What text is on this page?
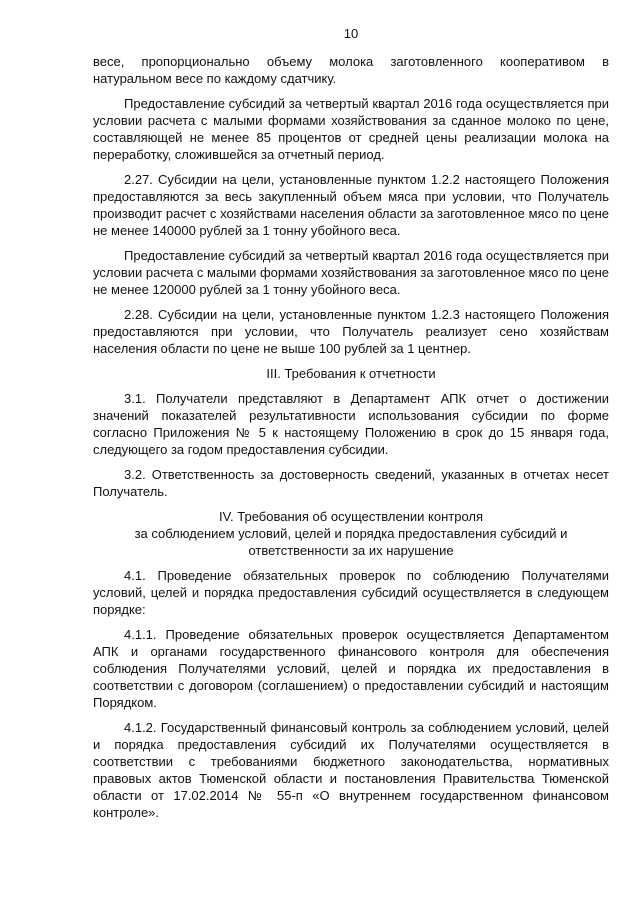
10

весе, пропорционально объему молока заготовленного кооперативом в натуральном весе по каждому сдатчику.

Предоставление субсидий за четвертый квартал 2016 года осуществляется при условии расчета с малыми формами хозяйствования за сданное молоко по цене, составляющей не менее 85 процентов от средней цены реализации молока на переработку, сложившейся за отчетный период.

2.27. Субсидии на цели, установленные пунктом 1.2.2 настоящего Положения предоставляются за весь закупленный объем мяса при условии, что Получатель производит расчет с хозяйствами населения области за заготовленное мясо по цене не менее 140000 рублей за 1 тонну убойного веса.

Предоставление субсидий за четвертый квартал 2016 года осуществляется при условии расчета с малыми формами хозяйствования за заготовленное мясо по цене не менее 120000 рублей за 1 тонну убойного веса.

2.28. Субсидии на цели, установленные пунктом 1.2.3 настоящего Положения предоставляются при условии, что Получатель реализует сено хозяйствам населения области по цене не выше 100 рублей за 1 центнер.

III. Требования к отчетности

3.1. Получатели представляют в Департамент АПК отчет о достижении значений показателей результативности использования субсидии по форме согласно Приложения № 5 к настоящему Положению в срок до 15 января года, следующего за годом предоставления субсидии.

3.2. Ответственность за достоверность сведений, указанных в отчетах несет Получатель.

IV. Требования об осуществлении контроля
за соблюдением условий, целей и порядка предоставления субсидий и
ответственности за их нарушение

4.1. Проведение обязательных проверок по соблюдению Получателями условий, целей и порядка предоставления субсидий осуществляется в следующем порядке:

4.1.1. Проведение обязательных проверок осуществляется Департаментом АПК и органами государственного финансового контроля для обеспечения соблюдения Получателями условий, целей и порядка их предоставления в соответствии с договором (соглашением) о предоставлении субсидий и настоящим Порядком.

4.1.2. Государственный финансовый контроль за соблюдением условий, целей и порядка предоставления субсидий их Получателями осуществляется в соответствии с требованиями бюджетного законодательства, нормативных правовых актов Тюменской области и постановления Правительства Тюменской области от 17.02.2014 № 55-п «О внутреннем государственном финансовом контроле».
